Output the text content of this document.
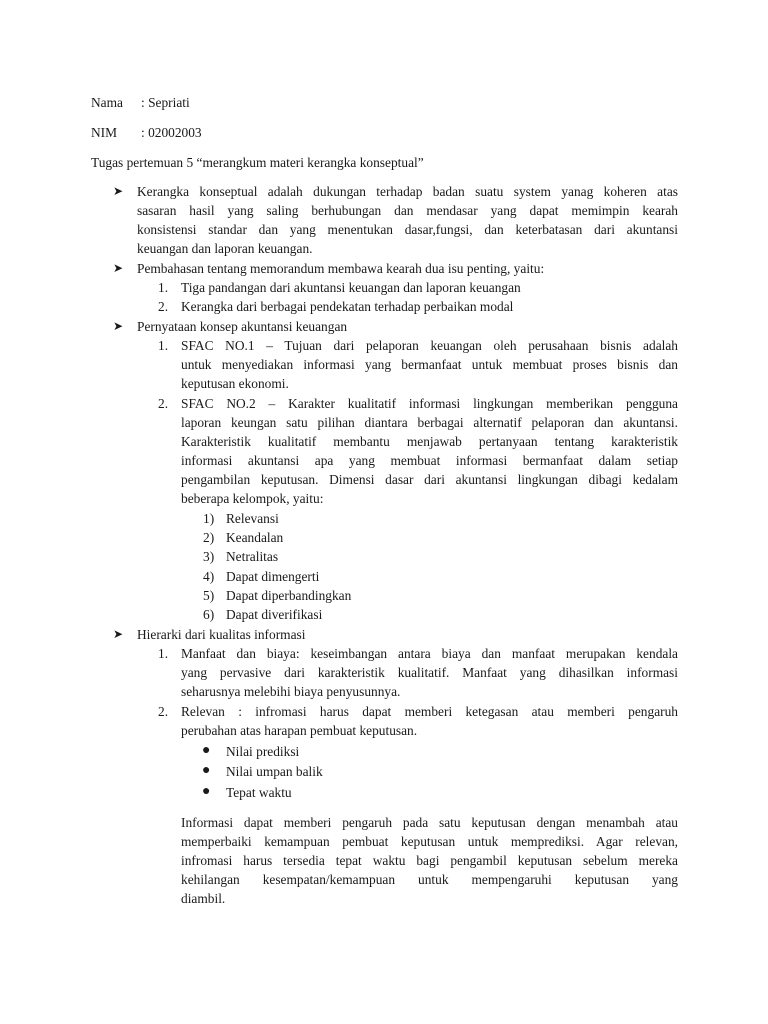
Nama : Sepriati
NIM : 02002003
Tugas pertemuan 5 “merangkum materi kerangka konseptual”
➤ Kerangka konseptual adalah dukungan terhadap badan suatu system yanag koheren atas
sasaran hasil yang saling berhubungan dan mendasar yang dapat memimpin kearah
konsistensi standar dan yang menentukan dasar,fungsi, dan keterbatasan dari akuntansi
keuangan dan laporan keuangan.
➤ Pembahasan tentang memorandum membawa kearah dua isu penting, yaitu:
1. Tiga pandangan dari akuntansi keuangan dan laporan keuangan
2. Kerangka dari berbagai pendekatan terhadap perbaikan modal
➤ Pernyataan konsep akuntansi keuangan
1. SFAC NO.1 – Tujuan dari pelaporan keuangan oleh perusahaan bisnis adalah
untuk menyediakan informasi yang bermanfaat untuk membuat proses bisnis dan
keputusan ekonomi.
2. SFAC NO.2 – Karakter kualitatif informasi lingkungan memberikan pengguna
laporan keungan satu pilihan diantara berbagai alternatif pelaporan dan akuntansi.
Karakteristik kualitatif membantu menjawab pertanyaan tentang karakteristik
informasi akuntansi apa yang membuat informasi bermanfaat dalam setiap
pengambilan keputusan. Dimensi dasar dari akuntansi lingkungan dibagi kedalam
beberapa kelompok, yaitu:
1) Relevansi
2) Keandalan
3) Netralitas
4) Dapat dimengerti
5) Dapat diperbandingkan
6) Dapat diverifikasi
➤ Hierarki dari kualitas informasi
1. Manfaat dan biaya: keseimbangan antara biaya dan manfaat merupakan kendala
yang pervasive dari karakteristik kualitatif. Manfaat yang dihasilkan informasi
seharusnya melebihi biaya penyusunnya.
2. Relevan : infromasi harus dapat memberi ketegasan atau memberi pengaruh
perubahan atas harapan pembuat keputusan.
● Nilai prediksi
● Nilai umpan balik
● Tepat waktu
Informasi dapat memberi pengaruh pada satu keputusan dengan menambah atau
memperbaiki kemampuan pembuat keputusan untuk memprediksi. Agar relevan,
infromasi harus tersedia tepat waktu bagi pengambil keputusan sebelum mereka
kehilangan kesempatan/kemampuan untuk mempengaruhi keputusan yang
diambil.
